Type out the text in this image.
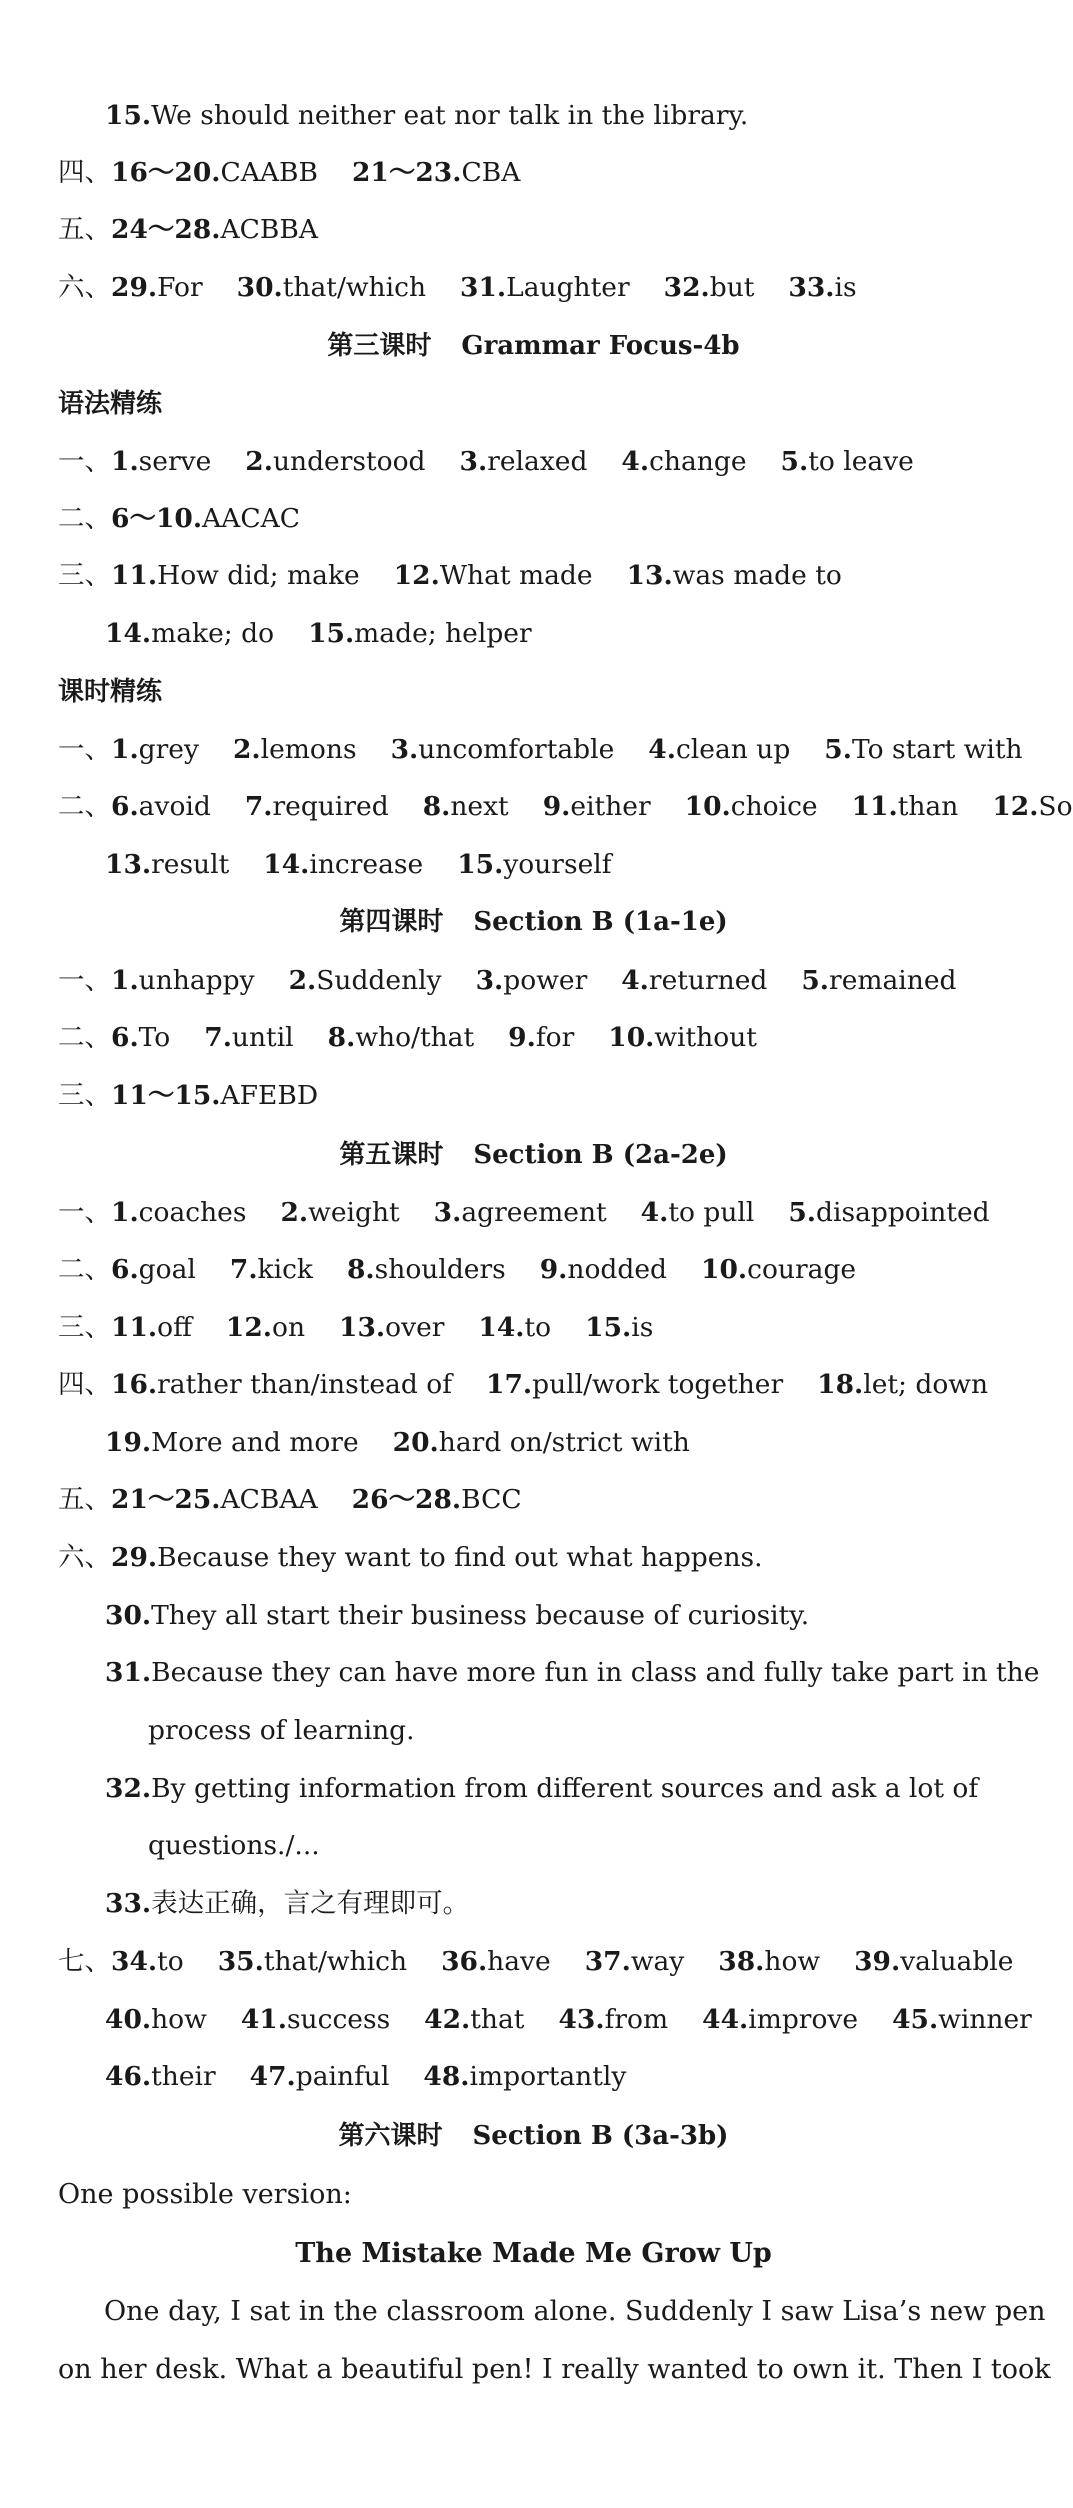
15.We should neither eat nor talk in the library.
四、16～20.CAABB 21～23.CBA
五、24～28.ACBBA
六、29.For 30.that/which 31.Laughter 32.but 33.is
第三课时 Grammar Focus-4b
语法精练
一、1.serve 2.understood 3.relaxed 4.change 5.to leave
二、6～10.AACAC
三、11.How did; make 12.What made 13.was made to
14.make; do 15.made; helper
课时精练
一、1.grey 2.lemons 3.uncomfortable 4.clean up 5.To start with
二、6.avoid 7.required 8.next 9.either 10.choice 11.than 12.So
13.result 14.increase 15.yourself
第四课时 Section B (1a-1e)
一、1.unhappy 2.Suddenly 3.power 4.returned 5.remained
二、6.To 7.until 8.who/that 9.for 10.without
三、11～15.AFEBD
第五课时 Section B (2a-2e)
一、1.coaches 2.weight 3.agreement 4.to pull 5.disappointed
二、6.goal 7.kick 8.shoulders 9.nodded 10.courage
三、11.off 12.on 13.over 14.to 15.is
四、16.rather than/instead of 17.pull/work together 18.let; down
19.More and more 20.hard on/strict with
五、21～25.ACBAA 26～28.BCC
六、29.Because they want to find out what happens.
30.They all start their business because of curiosity.
31.Because they can have more fun in class and fully take part in the
process of learning.
32.By getting information from different sources and ask a lot of
questions./...
33.表达正确，言之有理即可。
七、34.to 35.that/which 36.have 37.way 38.how 39.valuable
40.how 41.success 42.that 43.from 44.improve 45.winner
46.their 47.painful 48.importantly
第六课时 Section B (3a-3b)
One possible version:
The Mistake Made Me Grow Up
One day, I sat in the classroom alone. Suddenly I saw Lisa’s new pen
on her desk. What a beautiful pen! I really wanted to own it. Then I took
